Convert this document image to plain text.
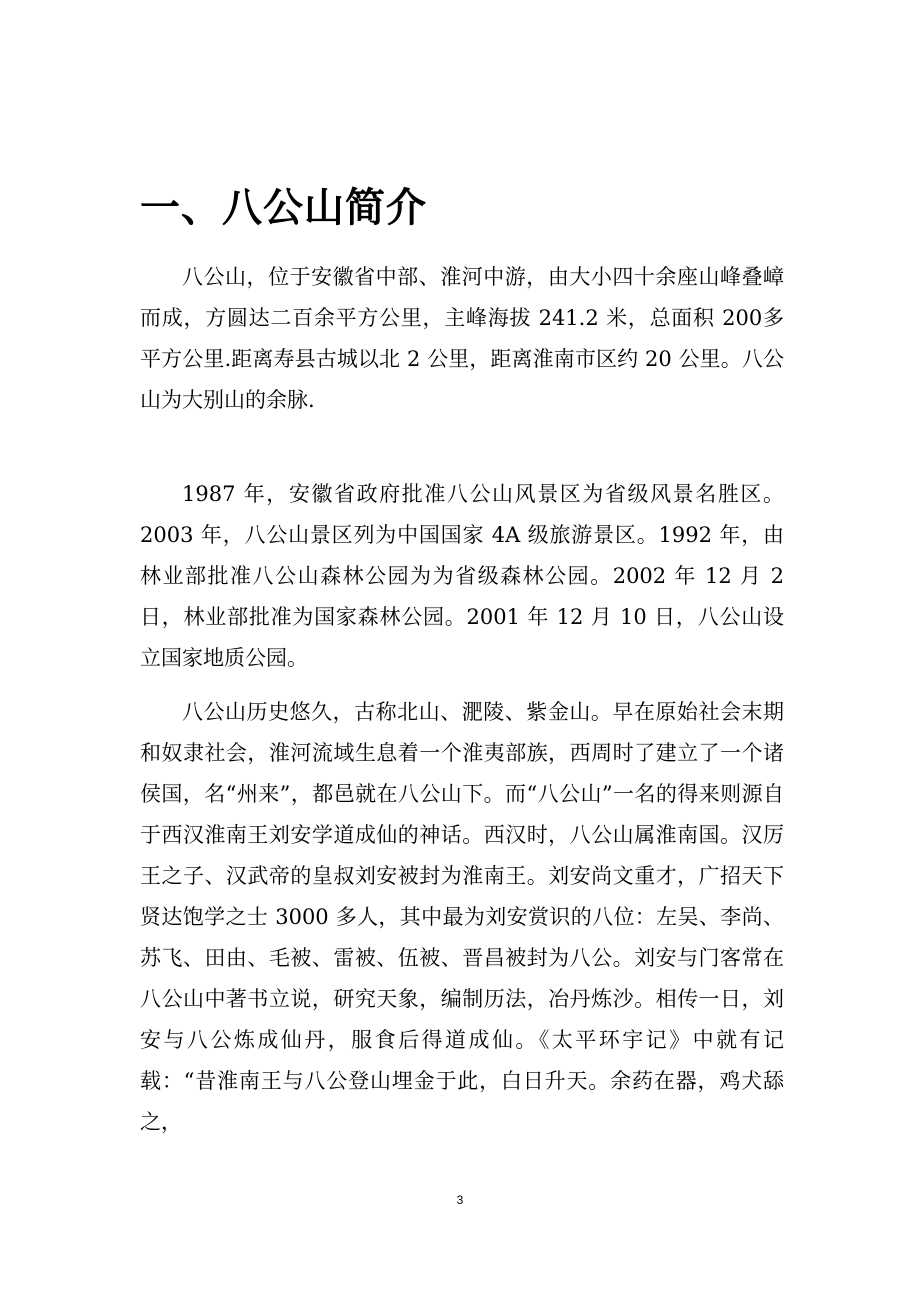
一、八公山简介

八公山，位于安徽省中部、淮河中游，由大小四十余座山峰叠嶂而成，方圆达二百余平方公里，主峰海拔 241.2 米，总面积 200多平方公里.距离寿县古城以北 2 公里，距离淮南市区约 20 公里。八公山为大别山的余脉.

1987 年，安徽省政府批准八公山风景区为省级风景名胜区。2003 年，八公山景区列为中国国家 4A 级旅游景区。1992 年，由林业部批准八公山森林公园为为省级森林公园。2002 年 12 月 2 日，林业部批准为国家森林公园。2001 年 12 月 10 日，八公山设立国家地质公园。

八公山历史悠久，古称北山、淝陵、紫金山。早在原始社会末期和奴隶社会，淮河流域生息着一个淮夷部族，西周时了建立了一个诸侯国，名“州来”，都邑就在八公山下。而“八公山”一名的得来则源自于西汉淮南王刘安学道成仙的神话。西汉时，八公山属淮南国。汉厉王之子、汉武帝的皇叔刘安被封为淮南王。刘安尚文重才，广招天下贤达饱学之士 3000 多人，其中最为刘安赏识的八位：左吴、李尚、苏飞、田由、毛被、雷被、伍被、晋昌被封为八公。刘安与门客常在八公山中著书立说，研究天象，编制历法，冶丹炼沙。相传一日，刘安与八公炼成仙丹，服食后得道成仙。《太平环宇记》中就有记载：“昔淮南王与八公登山埋金于此，白日升天。余药在器，鸡犬舔之，

3
